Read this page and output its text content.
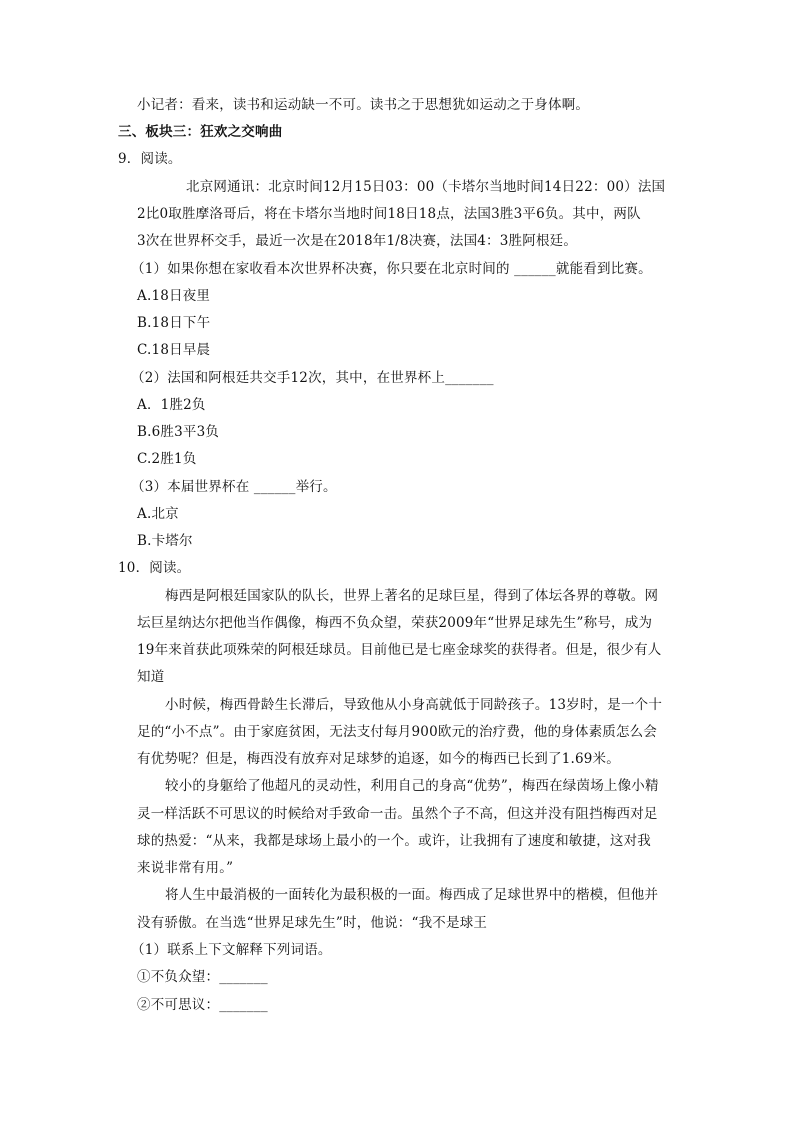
小记者：看来，读书和运动缺一不可。读书之于思想犹如运动之于身体啊。
三、板块三：狂欢之交响曲
9．阅读。
北京网通讯：北京时间12月15日03：00（卡塔尔当地时间14日22：00）法国
2比0取胜摩洛哥后，将在卡塔尔当地时间18日18点，法国3胜3平6负。其中，两队
3次在世界杯交手，最近一次是在2018年1/8决赛，法国4：3胜阿根廷。
（1）如果你想在家收看本次世界杯决赛，你只要在北京时间的 ______就能看到比赛。
A.18日夜里
B.18日下午
C.18日早晨
（2）法国和阿根廷共交手12次，其中，在世界杯上_______
A．1胜2负
B.6胜3平3负
C.2胜1负
（3）本届世界杯在 ______举行。
A.北京
B.卡塔尔
10．阅读。
梅西是阿根廷国家队的队长，世界上著名的足球巨星，得到了体坛各界的尊敬。网
坛巨星纳达尔把他当作偶像，梅西不负众望，荣获2009年“世界足球先生”称号，成为
19年来首获此项殊荣的阿根廷球员。目前他已是七座金球奖的获得者。但是，很少有人
知道
小时候，梅西骨龄生长滞后，导致他从小身高就低于同龄孩子。13岁时，是一个十
足的“小不点”。由于家庭贫困，无法支付每月900欧元的治疗费，他的身体素质怎么会
有优势呢？但是，梅西没有放弃对足球梦的追逐，如今的梅西已长到了1.69米。
较小的身躯给了他超凡的灵动性，利用自己的身高“优势”，梅西在绿茵场上像小精
灵一样活跃不可思议的时候给对手致命一击。虽然个子不高，但这并没有阻挡梅西对足
球的热爱：“从来，我都是球场上最小的一个。或许，让我拥有了速度和敏捷，这对我
来说非常有用。”
将人生中最消极的一面转化为最积极的一面。梅西成了足球世界中的楷模，但他并
没有骄傲。在当选“世界足球先生”时，他说：“我不是球王
（1）联系上下文解释下列词语。
①不负众望：_______
②不可思议：_______
